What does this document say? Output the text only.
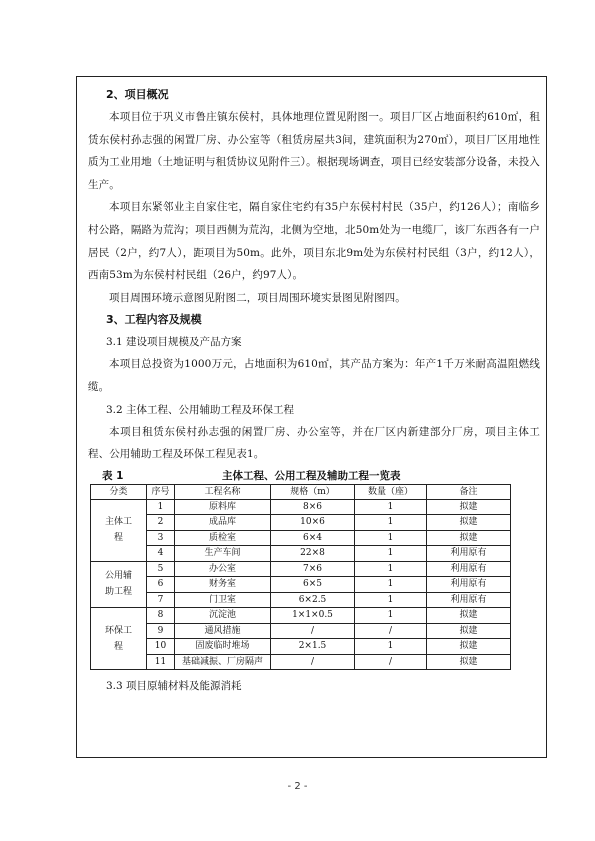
2、项目概况

本项目位于巩义市鲁庄镇东侯村，具体地理位置见附图一。项目厂区占地面积约610㎡，租赁东侯村孙志强的闲置厂房、办公室等（租赁房屋共3间，建筑面积为270㎡），项目厂区用地性质为工业用地（土地证明与租赁协议见附件三）。根据现场调查，项目已经安装部分设备，未投入生产。

本项目东紧邻业主自家住宅，隔自家住宅约有35户东侯村村民（35户，约126人）；南临乡村公路，隔路为荒沟；项目西侧为荒沟，北侧为空地，北50m处为一电缆厂，该厂东西各有一户居民（2户，约7人），距项目为50m。此外，项目东北9m处为东侯村村民组（3户，约12人），西南53m为东侯村村民组（26户，约97人）。

项目周围环境示意图见附图二，项目周围环境实景图见附图四。

3、工程内容及规模
3.1 建设项目规模及产品方案

本项目总投资为1000万元，占地面积为610㎡，其产品方案为：年产1千万米耐高温阻燃线缆。

3.2 主体工程、公用辅助工程及环保工程

本项目租赁东侯村孙志强的闲置厂房、办公室等，并在厂区内新建部分厂房，项目主体工程、公用辅助工程及环保工程见表1。

表 1	主体工程、公用工程及辅助工程一览表
分类	序号	工程名称	规格（m）	数量（座）	备注
主体工程	1	原料库	8×6	1	拟建
	2	成品库	10×6	1	拟建
	3	质检室	6×4	1	拟建
	4	生产车间	22×8	1	利用原有
公用辅助工程	5	办公室	7×6	1	利用原有
	6	财务室	6×5	1	利用原有
	7	门卫室	6×2.5	1	利用原有
环保工程	8	沉淀池	1×1×0.5	1	拟建
	9	通风措施	/	/	拟建
	10	固废临时堆场	2×1.5	1	拟建
	11	基础减振、厂房隔声	/	/	拟建
3.3 项目原辅材料及能源消耗
- 2 -
